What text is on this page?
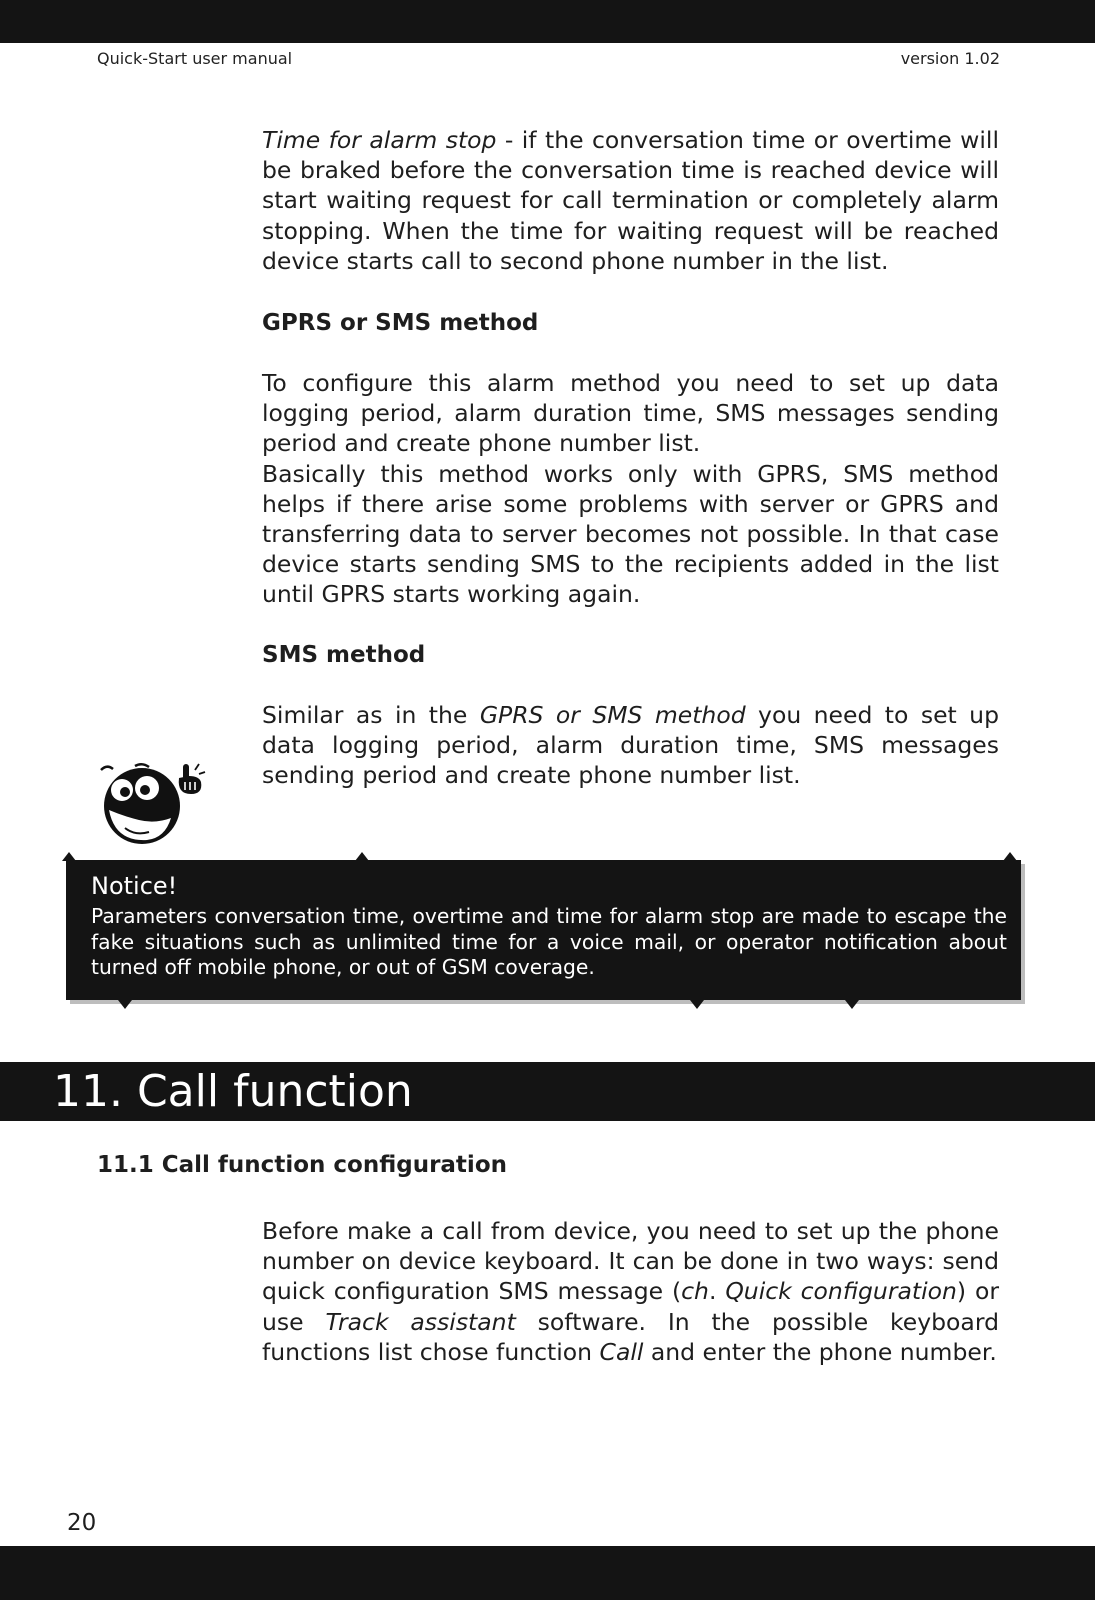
Quick-Start user manual	version 1.02

Time for alarm stop - if the conversation time or overtime will be braked before the conversation time is reached device will start waiting request for call termination or completely alarm stopping. When the time for waiting request will be reached device starts call to second phone number in the list.

GPRS or SMS method

To configure this alarm method you need to set up data logging period, alarm duration time, SMS messages sending period and create phone number list.

Basically this method works only with GPRS, SMS method helps if there arise some problems with server or GPRS and transferring data to server becomes not possible. In that case device starts sending SMS to the recipients added in the list until GPRS starts working again.

SMS method

Similar as in the GPRS or SMS method you need to set up data logging period, alarm duration time, SMS messages sending period and create phone number list.

Notice!

Parameters conversation time, overtime and time for alarm stop are made to escape the fake situations such as unlimited time for a voice mail, or operator notification about turned off mobile phone, or out of GSM coverage.

11. Call function

11.1 Call function configuration

Before make a call from device, you need to set up the phone number on device keyboard. It can be done in two ways: send quick configuration SMS message (ch. Quick configuration) or use Track assistant software. In the possible keyboard functions list chose function Call and enter the phone number.

20
